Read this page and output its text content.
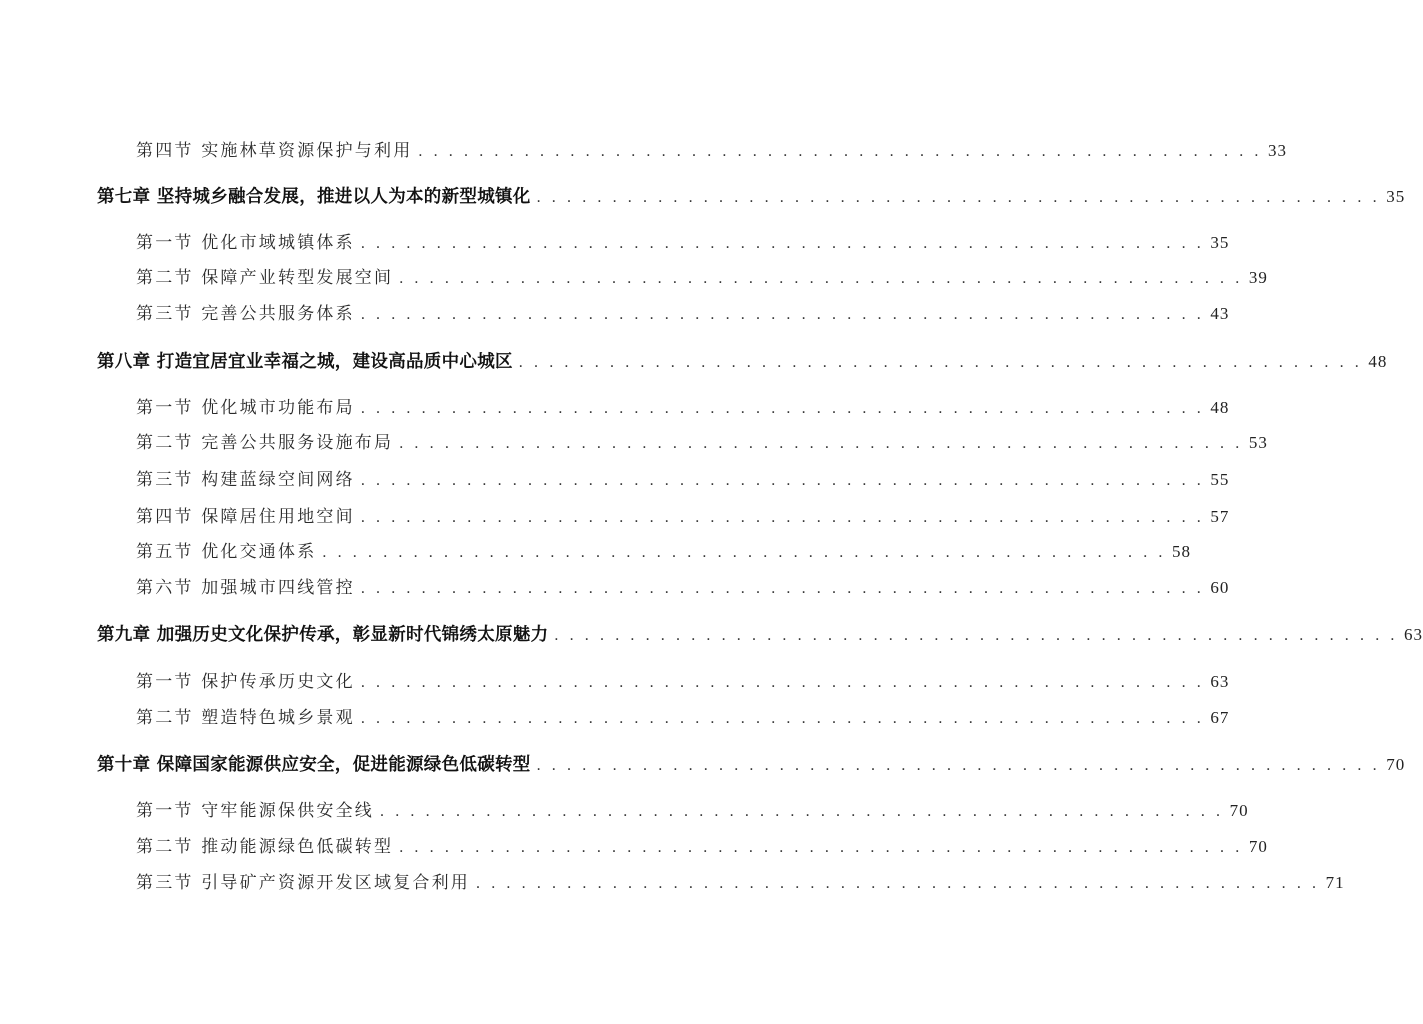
第四节 实施林草资源保护与利用 . . . . . . . . . . . . . . . . . . . . . . . . . . . . . . . . . . . . . . . . . . . . . . . . . . . . . . . . 33
第七章 坚持城乡融合发展，推进以人为本的新型城镇化 . . . . . . . . . . . . . . . . . . . . . . . . . . . . . . . . . . . . . . . . . . . . . . . . . . . . . . . . 35
第一节 优化市域城镇体系 . . . . . . . . . . . . . . . . . . . . . . . . . . . . . . . . . . . . . . . . . . . . . . . . . . . . . . . . 35
第二节 保障产业转型发展空间 . . . . . . . . . . . . . . . . . . . . . . . . . . . . . . . . . . . . . . . . . . . . . . . . . . . . . . . . 39
第三节 完善公共服务体系 . . . . . . . . . . . . . . . . . . . . . . . . . . . . . . . . . . . . . . . . . . . . . . . . . . . . . . . . 43
第八章 打造宜居宜业幸福之城，建设高品质中心城区 . . . . . . . . . . . . . . . . . . . . . . . . . . . . . . . . . . . . . . . . . . . . . . . . . . . . . . . . 48
第一节 优化城市功能布局 . . . . . . . . . . . . . . . . . . . . . . . . . . . . . . . . . . . . . . . . . . . . . . . . . . . . . . . . 48
第二节 完善公共服务设施布局 . . . . . . . . . . . . . . . . . . . . . . . . . . . . . . . . . . . . . . . . . . . . . . . . . . . . . . . . 53
第三节 构建蓝绿空间网络 . . . . . . . . . . . . . . . . . . . . . . . . . . . . . . . . . . . . . . . . . . . . . . . . . . . . . . . . 55
第四节 保障居住用地空间 . . . . . . . . . . . . . . . . . . . . . . . . . . . . . . . . . . . . . . . . . . . . . . . . . . . . . . . . 57
第五节 优化交通体系 . . . . . . . . . . . . . . . . . . . . . . . . . . . . . . . . . . . . . . . . . . . . . . . . . . . . . . . . 58
第六节 加强城市四线管控 . . . . . . . . . . . . . . . . . . . . . . . . . . . . . . . . . . . . . . . . . . . . . . . . . . . . . . . . 60
第九章 加强历史文化保护传承，彰显新时代锦绣太原魅力 . . . . . . . . . . . . . . . . . . . . . . . . . . . . . . . . . . . . . . . . . . . . . . . . . . . . . . . . 63
第一节 保护传承历史文化 . . . . . . . . . . . . . . . . . . . . . . . . . . . . . . . . . . . . . . . . . . . . . . . . . . . . . . . . 63
第二节 塑造特色城乡景观 . . . . . . . . . . . . . . . . . . . . . . . . . . . . . . . . . . . . . . . . . . . . . . . . . . . . . . . . 67
第十章 保障国家能源供应安全，促进能源绿色低碳转型 . . . . . . . . . . . . . . . . . . . . . . . . . . . . . . . . . . . . . . . . . . . . . . . . . . . . . . . . 70
第一节 守牢能源保供安全线 . . . . . . . . . . . . . . . . . . . . . . . . . . . . . . . . . . . . . . . . . . . . . . . . . . . . . . . . 70
第二节 推动能源绿色低碳转型 . . . . . . . . . . . . . . . . . . . . . . . . . . . . . . . . . . . . . . . . . . . . . . . . . . . . . . . . 70
第三节 引导矿产资源开发区域复合利用 . . . . . . . . . . . . . . . . . . . . . . . . . . . . . . . . . . . . . . . . . . . . . . . . . . . . . . . . 71
